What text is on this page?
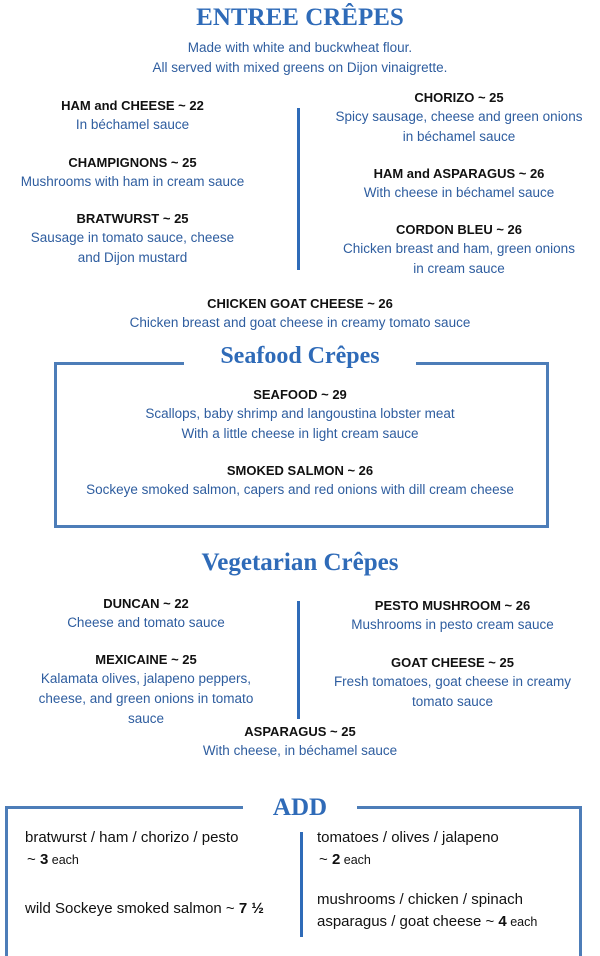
ENTREE CRÊPES
Made with white and buckwheat flour.
All served with mixed greens on Dijon vinaigrette.
HAM and CHEESE ~ 22
In béchamel sauce
CHAMPIGNONS ~ 25
Mushrooms with ham in cream sauce
BRATWURST ~ 25
Sausage in tomato sauce, cheese
and Dijon mustard
CHORIZO ~ 25
Spicy sausage, cheese and green onions
in béchamel sauce
HAM and ASPARAGUS ~ 26
With cheese in béchamel sauce
CORDON BLEU ~ 26
Chicken breast and ham, green onions
in cream sauce
CHICKEN GOAT CHEESE ~ 26
Chicken breast and goat cheese in creamy tomato sauce
Seafood Crêpes
SEAFOOD ~ 29
Scallops, baby shrimp and langoustina lobster meat
With a little cheese in light cream sauce
SMOKED SALMON ~ 26
Sockeye smoked salmon, capers and red onions with dill cream cheese
Vegetarian Crêpes
DUNCAN ~ 22
Cheese and tomato sauce
MEXICAINE ~ 25
Kalamata olives, jalapeno peppers,
cheese, and green onions in tomato
sauce
PESTO MUSHROOM ~ 26
Mushrooms in pesto cream sauce
GOAT CHEESE ~ 25
Fresh tomatoes, goat cheese in creamy
tomato sauce
ASPARAGUS ~ 25
With cheese, in béchamel sauce
ADD
bratwurst / ham / chorizo / pesto
~ 3 each
wild Sockeye smoked salmon ~ 7 ½
tomatoes / olives / jalapeno
~ 2 each
mushrooms / chicken / spinach
asparagus / goat cheese ~ 4 each
